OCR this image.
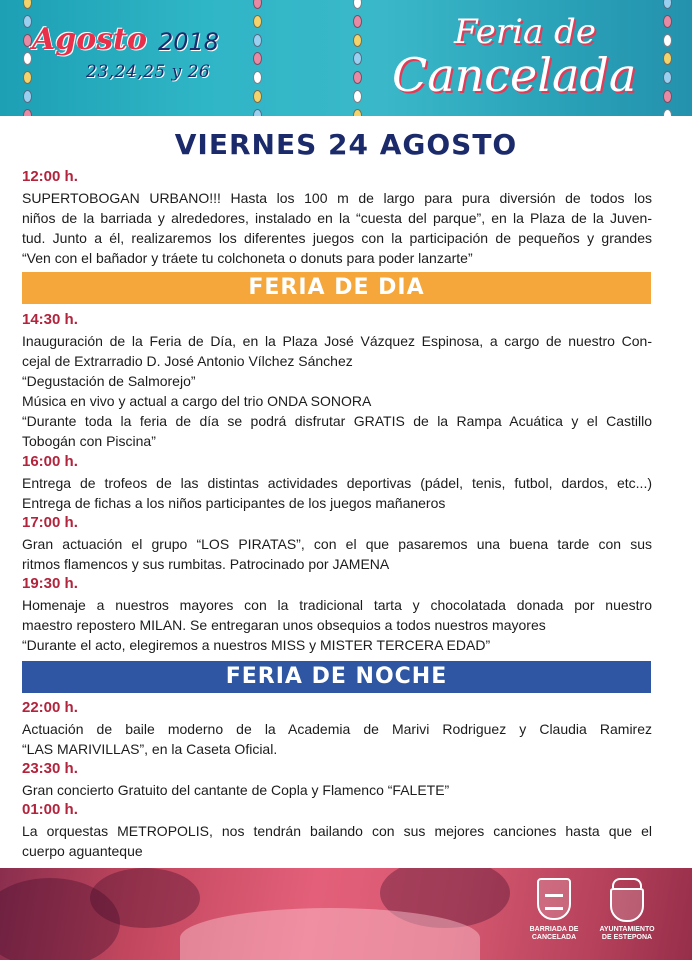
Agosto 2018
23,24,25 y 26
Feria de
Cancelada
VIERNES 24 AGOSTO
12:00 h.
SUPERTOBOGAN URBANO!!! Hasta los 100 m de largo para pura diversión de todos los
niños de la barriada y alrededores, instalado en la “cuesta del parque”, en la Plaza de la Juven-
tud. Junto a él, realizaremos los diferentes juegos con la participación de pequeños y grandes
“Ven con el bañador y tráete tu colchoneta o donuts para poder lanzarte”
FERIA DE DIA
14:30 h.
Inauguración de la Feria de Día, en la Plaza José Vázquez Espinosa, a cargo de nuestro Con-
cejal de Extrarradio D. José Antonio Vílchez Sánchez
“Degustación de Salmorejo”
Música en vivo y actual a cargo del trio ONDA SONORA
“Durante toda la feria de día se podrá disfrutar GRATIS de la Rampa Acuática y el Castillo
Tobogán con Piscina”
16:00 h.
Entrega de trofeos de las distintas actividades deportivas (pádel, tenis, futbol, dardos, etc...)
Entrega de fichas a los niños participantes de los juegos mañaneros
17:00 h.
Gran actuación el grupo “LOS PIRATAS”, con el que pasaremos una buena tarde con sus
ritmos flamencos y sus rumbitas. Patrocinado por JAMENA
19:30 h.
Homenaje a nuestros mayores con la tradicional tarta y chocolatada donada por nuestro
maestro repostero MILAN. Se entregaran unos obsequios a todos nuestros mayores
“Durante el acto, elegiremos a nuestros MISS y MISTER TERCERA EDAD”
FERIA DE NOCHE
22:00 h.
Actuación de baile moderno de la Academia de Marivi Rodriguez y Claudia Ramirez
“LAS MARIVILLAS”, en la Caseta Oficial.
23:30 h.
Gran concierto Gratuito del cantante de Copla y Flamenco “FALETE”
01:00 h.
La orquestas METROPOLIS, nos tendrán bailando con sus mejores canciones hasta que el
cuerpo aguanteque
BARRIADA DE
CANCELADA
AYUNTAMIENTO
DE ESTEPONA
